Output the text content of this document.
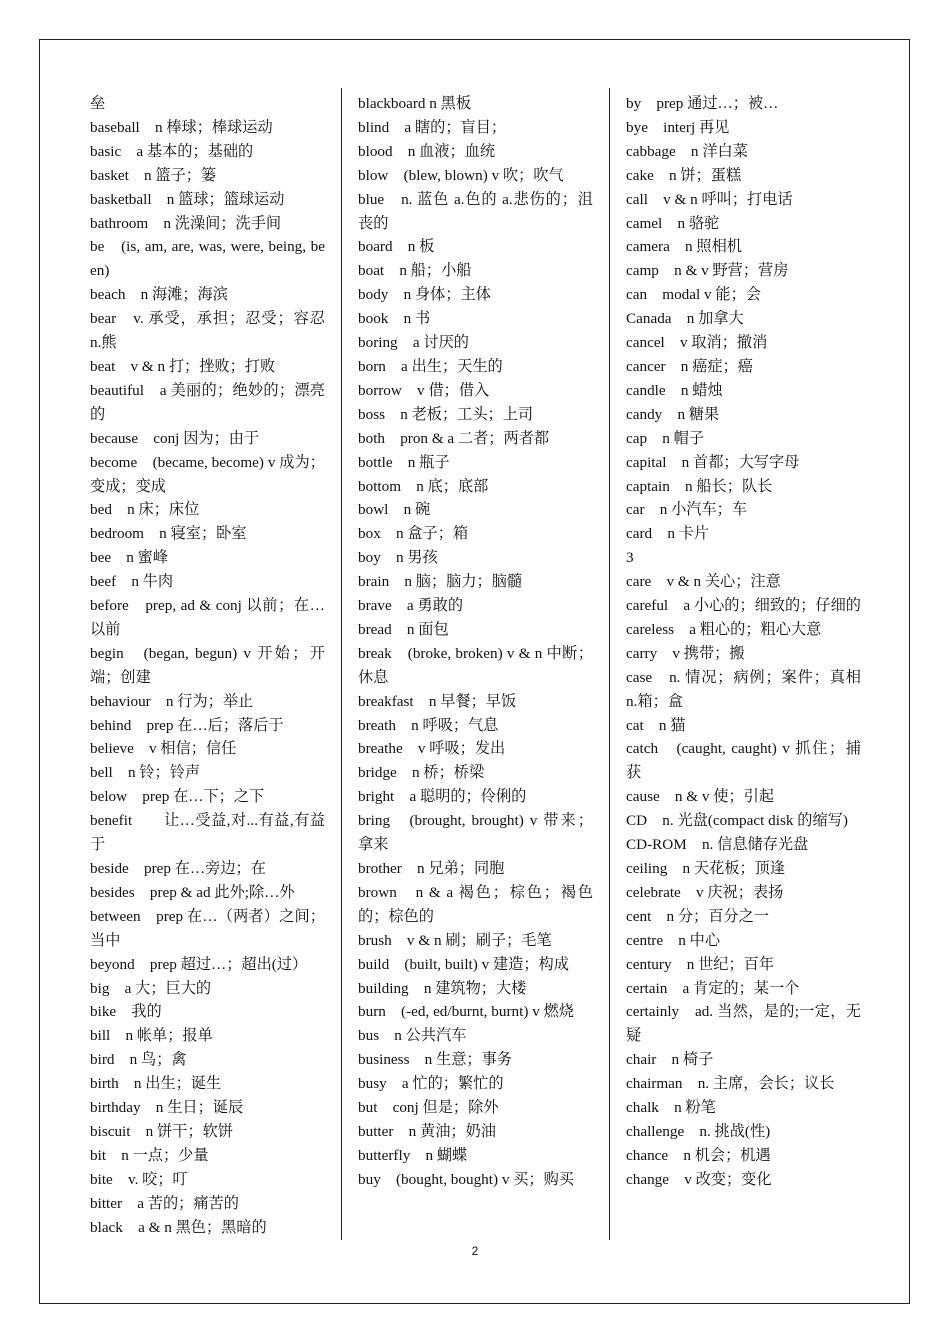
垒

baseball　n 棒球；棒球运动

basic　a 基本的；基础的

basket　n 篮子；篓

basketball　n 篮球；篮球运动

bathroom　n 洗澡间；洗手间

be　(is, am, are, was, were, being, been)

beach　n 海滩；海滨

bear　v. 承受，承担；忍受；容忍 n.熊

beat　v & n 打；挫败；打败

beautiful　a 美丽的；绝妙的；漂亮的

because　conj 因为；由于

become　(became, become) v 成为；变成；变成

bed　n 床；床位

bedroom　n 寝室；卧室

bee　n 蜜峰

beef　n 牛肉

before　prep, ad & conj 以前；在…以前

begin　(began, begun) v 开始；开端；创建

behaviour　n 行为；举止

behind　prep 在…后；落后于

believe　v 相信；信任

bell　n 铃；铃声

below　prep 在…下；之下

benefit　　让…受益,对...有益,有益于

beside　prep 在…旁边；在

besides　prep & ad 此外;除…外

between　prep 在…（两者）之间；当中

beyond　prep 超过…；超出(过）

big　a 大；巨大的

bike　我的

bill　n 帐单；报单

bird　n 鸟；禽

birth　n 出生；诞生

birthday　n 生日；诞辰

biscuit　n 饼干；软饼

bit　n 一点；少量

bite　v. 咬；叮

bitter　a 苦的；痛苦的

black　a & n 黑色；黑暗的

blackboard n 黑板

blind　a 瞎的；盲目；

blood　n 血液；血统

blow　(blew, blown) v 吹；吹气

blue　n. 蓝色 a.色的 a.悲伤的；沮丧的

board　n 板

boat　n 船；小船

body　n 身体；主体

book　n 书

boring　a 讨厌的

born　a 出生；天生的

borrow　v 借；借入

boss　n 老板；工头；上司

both　pron & a 二者；两者都

bottle　n 瓶子

bottom　n 底；底部

bowl　n 碗

box　n 盒子；箱

boy　n 男孩

brain　n 脑；脑力；脑髓

brave　a 勇敢的

bread　n 面包

break　(broke, broken) v & n 中断；休息

breakfast　n 早餐；早饭

breath　n 呼吸；气息

breathe　v 呼吸；发出

bridge　n 桥；桥梁

bright　a 聪明的；伶俐的

bring　(brought, brought) v 带来；拿来

brother　n 兄弟；同胞

brown　n & a 褐色；棕色；褐色的；棕色的

brush　v & n 刷；刷子；毛笔

build　(built, built) v 建造；构成

building　n 建筑物；大楼

burn　(-ed, ed/burnt, burnt) v 燃烧

bus　n 公共汽车

business　n 生意；事务

busy　a 忙的；繁忙的

but　conj 但是；除外

butter　n 黄油；奶油

butterfly　n 蝴蝶

buy　(bought, bought) v 买；购买

by　prep 通过…；被…

bye　interj 再见

cabbage　n 洋白菜

cake　n 饼；蛋糕

call　v & n 呼叫；打电话

camel　n 骆驼

camera　n 照相机

camp　n & v 野营；营房

can　modal v 能；会

Canada　n 加拿大

cancel　v 取消；撤消

cancer　n 癌症；癌

candle　n 蜡烛

candy　n 糖果

cap　n 帽子

capital　n 首都；大写字母

captain　n 船长；队长

car　n 小汽车；车

card　n 卡片

3

care　v & n 关心；注意

careful　a 小心的；细致的；仔细的

careless　a 粗心的；粗心大意

carry　v 携带；搬

case　n. 情况；病例；案件；真相 n.箱；盒

cat　n 猫

catch　(caught, caught) v 抓住；捕获

cause　n & v 使；引起

CD　n. 光盘(compact disk 的缩写)

CD-ROM　n. 信息储存光盘

ceiling　n 天花板；顶逢

celebrate　v 庆祝；表扬

cent　n 分；百分之一

centre　n 中心

century　n 世纪；百年

certain　a 肯定的；某一个

certainly　ad. 当然，是的;一定，无疑

chair　n 椅子

chairman　n. 主席，会长；议长

chalk　n 粉笔

challenge　n. 挑战(性)

chance　n 机会；机遇

change　v 改变；变化

2
